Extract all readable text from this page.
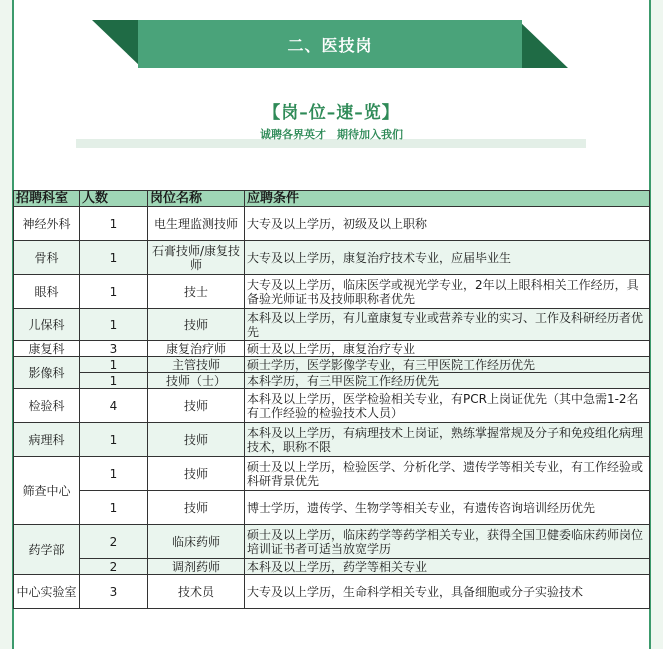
二、医技岗
【岗–位–速–览】
诚聘各界英才　期待加入我们
招聘科室	人数	岗位名称	应聘条件
神经外科	1	电生理监测技师	大专及以上学历，初级及以上职称
骨科	1	石膏技师/康复技师	大专及以上学历，康复治疗技术专业，应届毕业生
眼科	1	技士	大专及以上学历，临床医学或视光学专业，2年以上眼科相关工作经历，具备验光师证书及技师职称者优先
儿保科	1	技师	本科及以上学历，有儿童康复专业或营养专业的实习、工作及科研经历者优先
康复科	3	康复治疗师	硕士及以上学历，康复治疗专业
影像科	1	主管技师	硕士学历，医学影像学专业，有三甲医院工作经历优先
	1	技师（士）	本科学历，有三甲医院工作经历优先
检验科	4	技师	本科及以上学历，医学检验相关专业，有PCR上岗证优先（其中急需1-2名有工作经验的检验技术人员）
病理科	1	技师	本科及以上学历，有病理技术上岗证，熟练掌握常规及分子和免疫组化病理技术，职称不限
筛查中心	1	技师	硕士及以上学历，检验医学、分析化学、遗传学等相关专业，有工作经验或科研背景优先
	1	技师	博士学历，遗传学、生物学等相关专业，有遗传咨询培训经历优先
药学部	2	临床药师	硕士及以上学历，临床药学等药学相关专业，获得全国卫健委临床药师岗位培训证书者可适当放宽学历
	2	调剂药师	本科及以上学历，药学等相关专业
中心实验室	3	技术员	大专及以上学历，生命科学相关专业，具备细胞或分子实验技术
